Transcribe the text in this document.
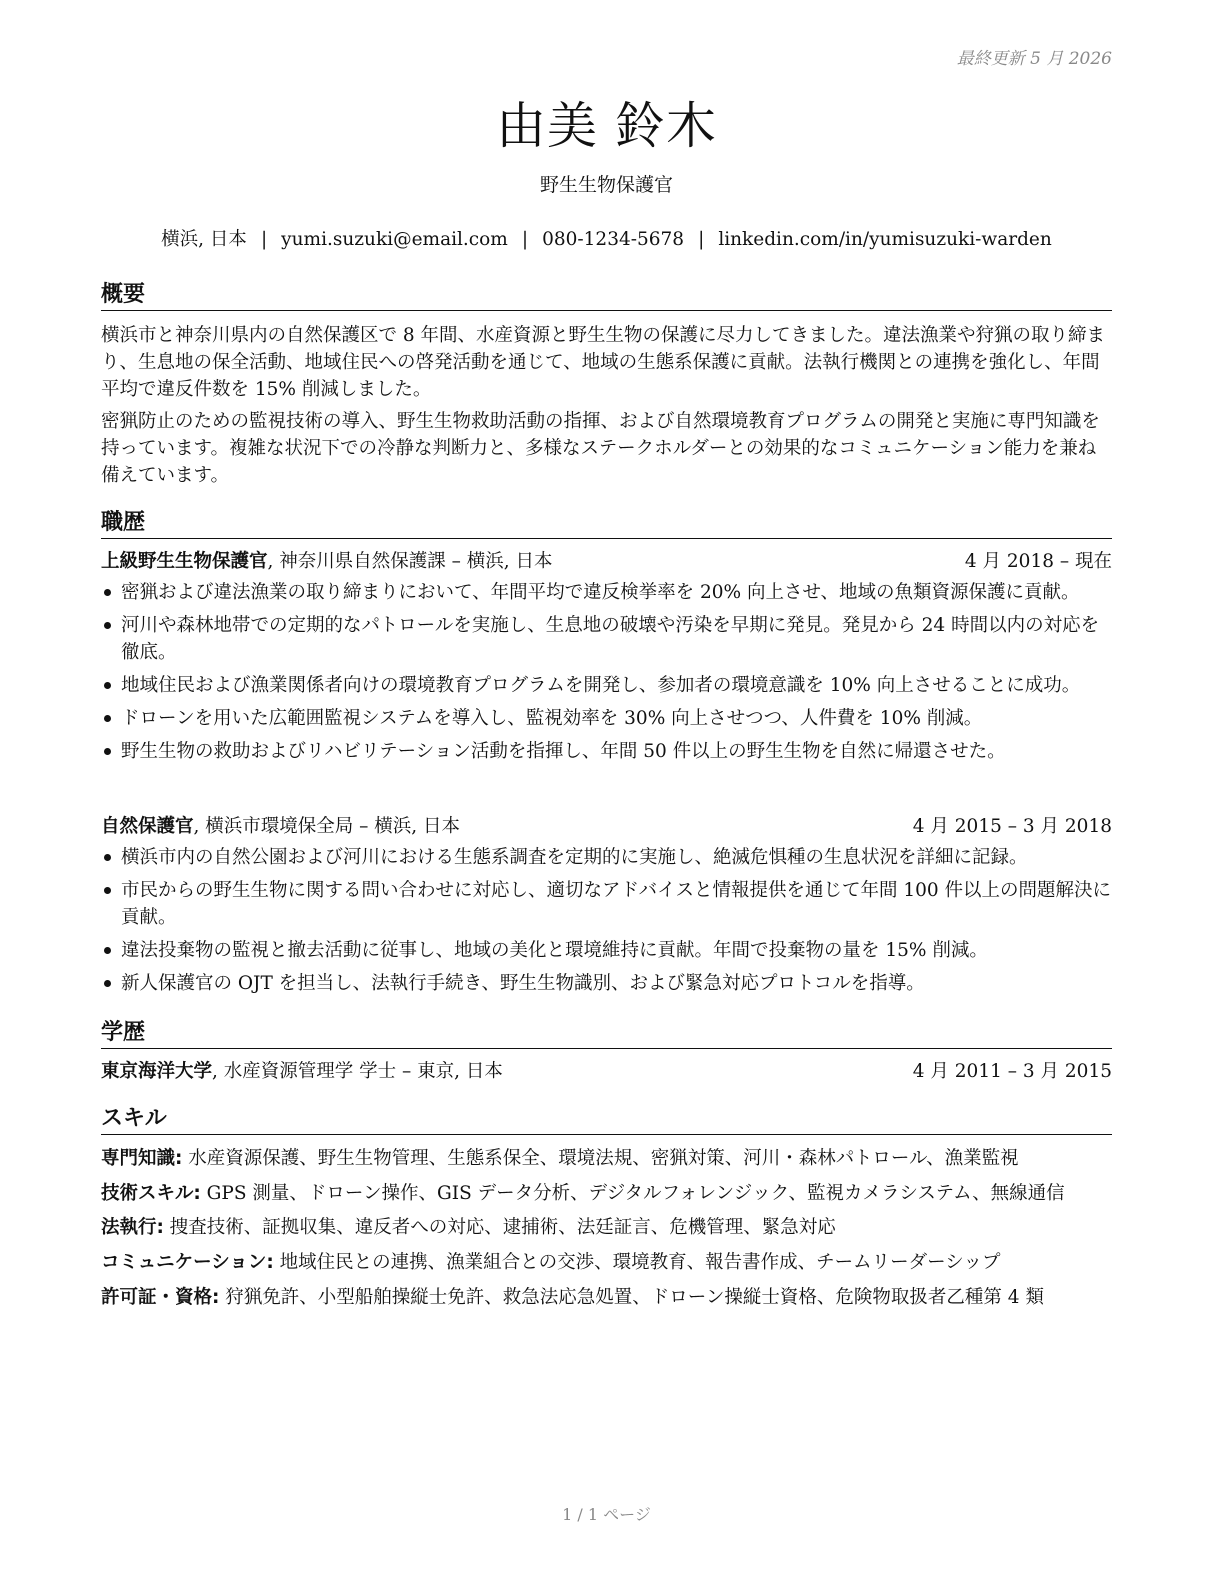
最終更新 5 月 2026
由美 鈴木
野生生物保護官
横浜, 日本 | yumi.suzuki@email.com | 080-1234-5678 | linkedin.com/in/yumisuzuki-warden
概要
横浜市と神奈川県内の自然保護区で 8 年間、水産資源と野生生物の保護に尽力してきました。違法漁業や狩猟の取り締まり、生息地の保全活動、地域住民への啓発活動を通じて、地域の生態系保護に貢献。法執行機関との連携を強化し、年間平均で違反件数を 15% 削減しました。
密猟防止のための監視技術の導入、野生生物救助活動の指揮、および自然環境教育プログラムの開発と実施に専門知識を持っています。複雑な状況下での冷静な判断力と、多様なステークホルダーとの効果的なコミュニケーション能力を兼ね備えています。
職歴
上級野生生物保護官, 神奈川県自然保護課 – 横浜, 日本	4 月 2018 – 現在
密猟および違法漁業の取り締まりにおいて、年間平均で違反検挙率を 20% 向上させ、地域の魚類資源保護に貢献。
河川や森林地帯での定期的なパトロールを実施し、生息地の破壊や汚染を早期に発見。発見から 24 時間以内の対応を徹底。
地域住民および漁業関係者向けの環境教育プログラムを開発し、参加者の環境意識を 10% 向上させることに成功。
ドローンを用いた広範囲監視システムを導入し、監視効率を 30% 向上させつつ、人件費を 10% 削減。
野生生物の救助およびリハビリテーション活動を指揮し、年間 50 件以上の野生生物を自然に帰還させた。
自然保護官, 横浜市環境保全局 – 横浜, 日本	4 月 2015 – 3 月 2018
横浜市内の自然公園および河川における生態系調査を定期的に実施し、絶滅危惧種の生息状況を詳細に記録。
市民からの野生生物に関する問い合わせに対応し、適切なアドバイスと情報提供を通じて年間 100 件以上の問題解決に貢献。
違法投棄物の監視と撤去活動に従事し、地域の美化と環境維持に貢献。年間で投棄物の量を 15% 削減。
新人保護官の OJT を担当し、法執行手続き、野生生物識別、および緊急対応プロトコルを指導。
学歴
東京海洋大学, 水産資源管理学 学士 – 東京, 日本	4 月 2011 – 3 月 2015
スキル
専門知識: 水産資源保護、野生生物管理、生態系保全、環境法規、密猟対策、河川・森林パトロール、漁業監視
技術スキル: GPS 測量、ドローン操作、GIS データ分析、デジタルフォレンジック、監視カメラシステム、無線通信
法執行: 捜査技術、証拠収集、違反者への対応、逮捕術、法廷証言、危機管理、緊急対応
コミュニケーション: 地域住民との連携、漁業組合との交渉、環境教育、報告書作成、チームリーダーシップ
許可証・資格: 狩猟免許、小型船舶操縦士免許、救急法応急処置、ドローン操縦士資格、危険物取扱者乙種第 4 類
1 / 1 ページ
